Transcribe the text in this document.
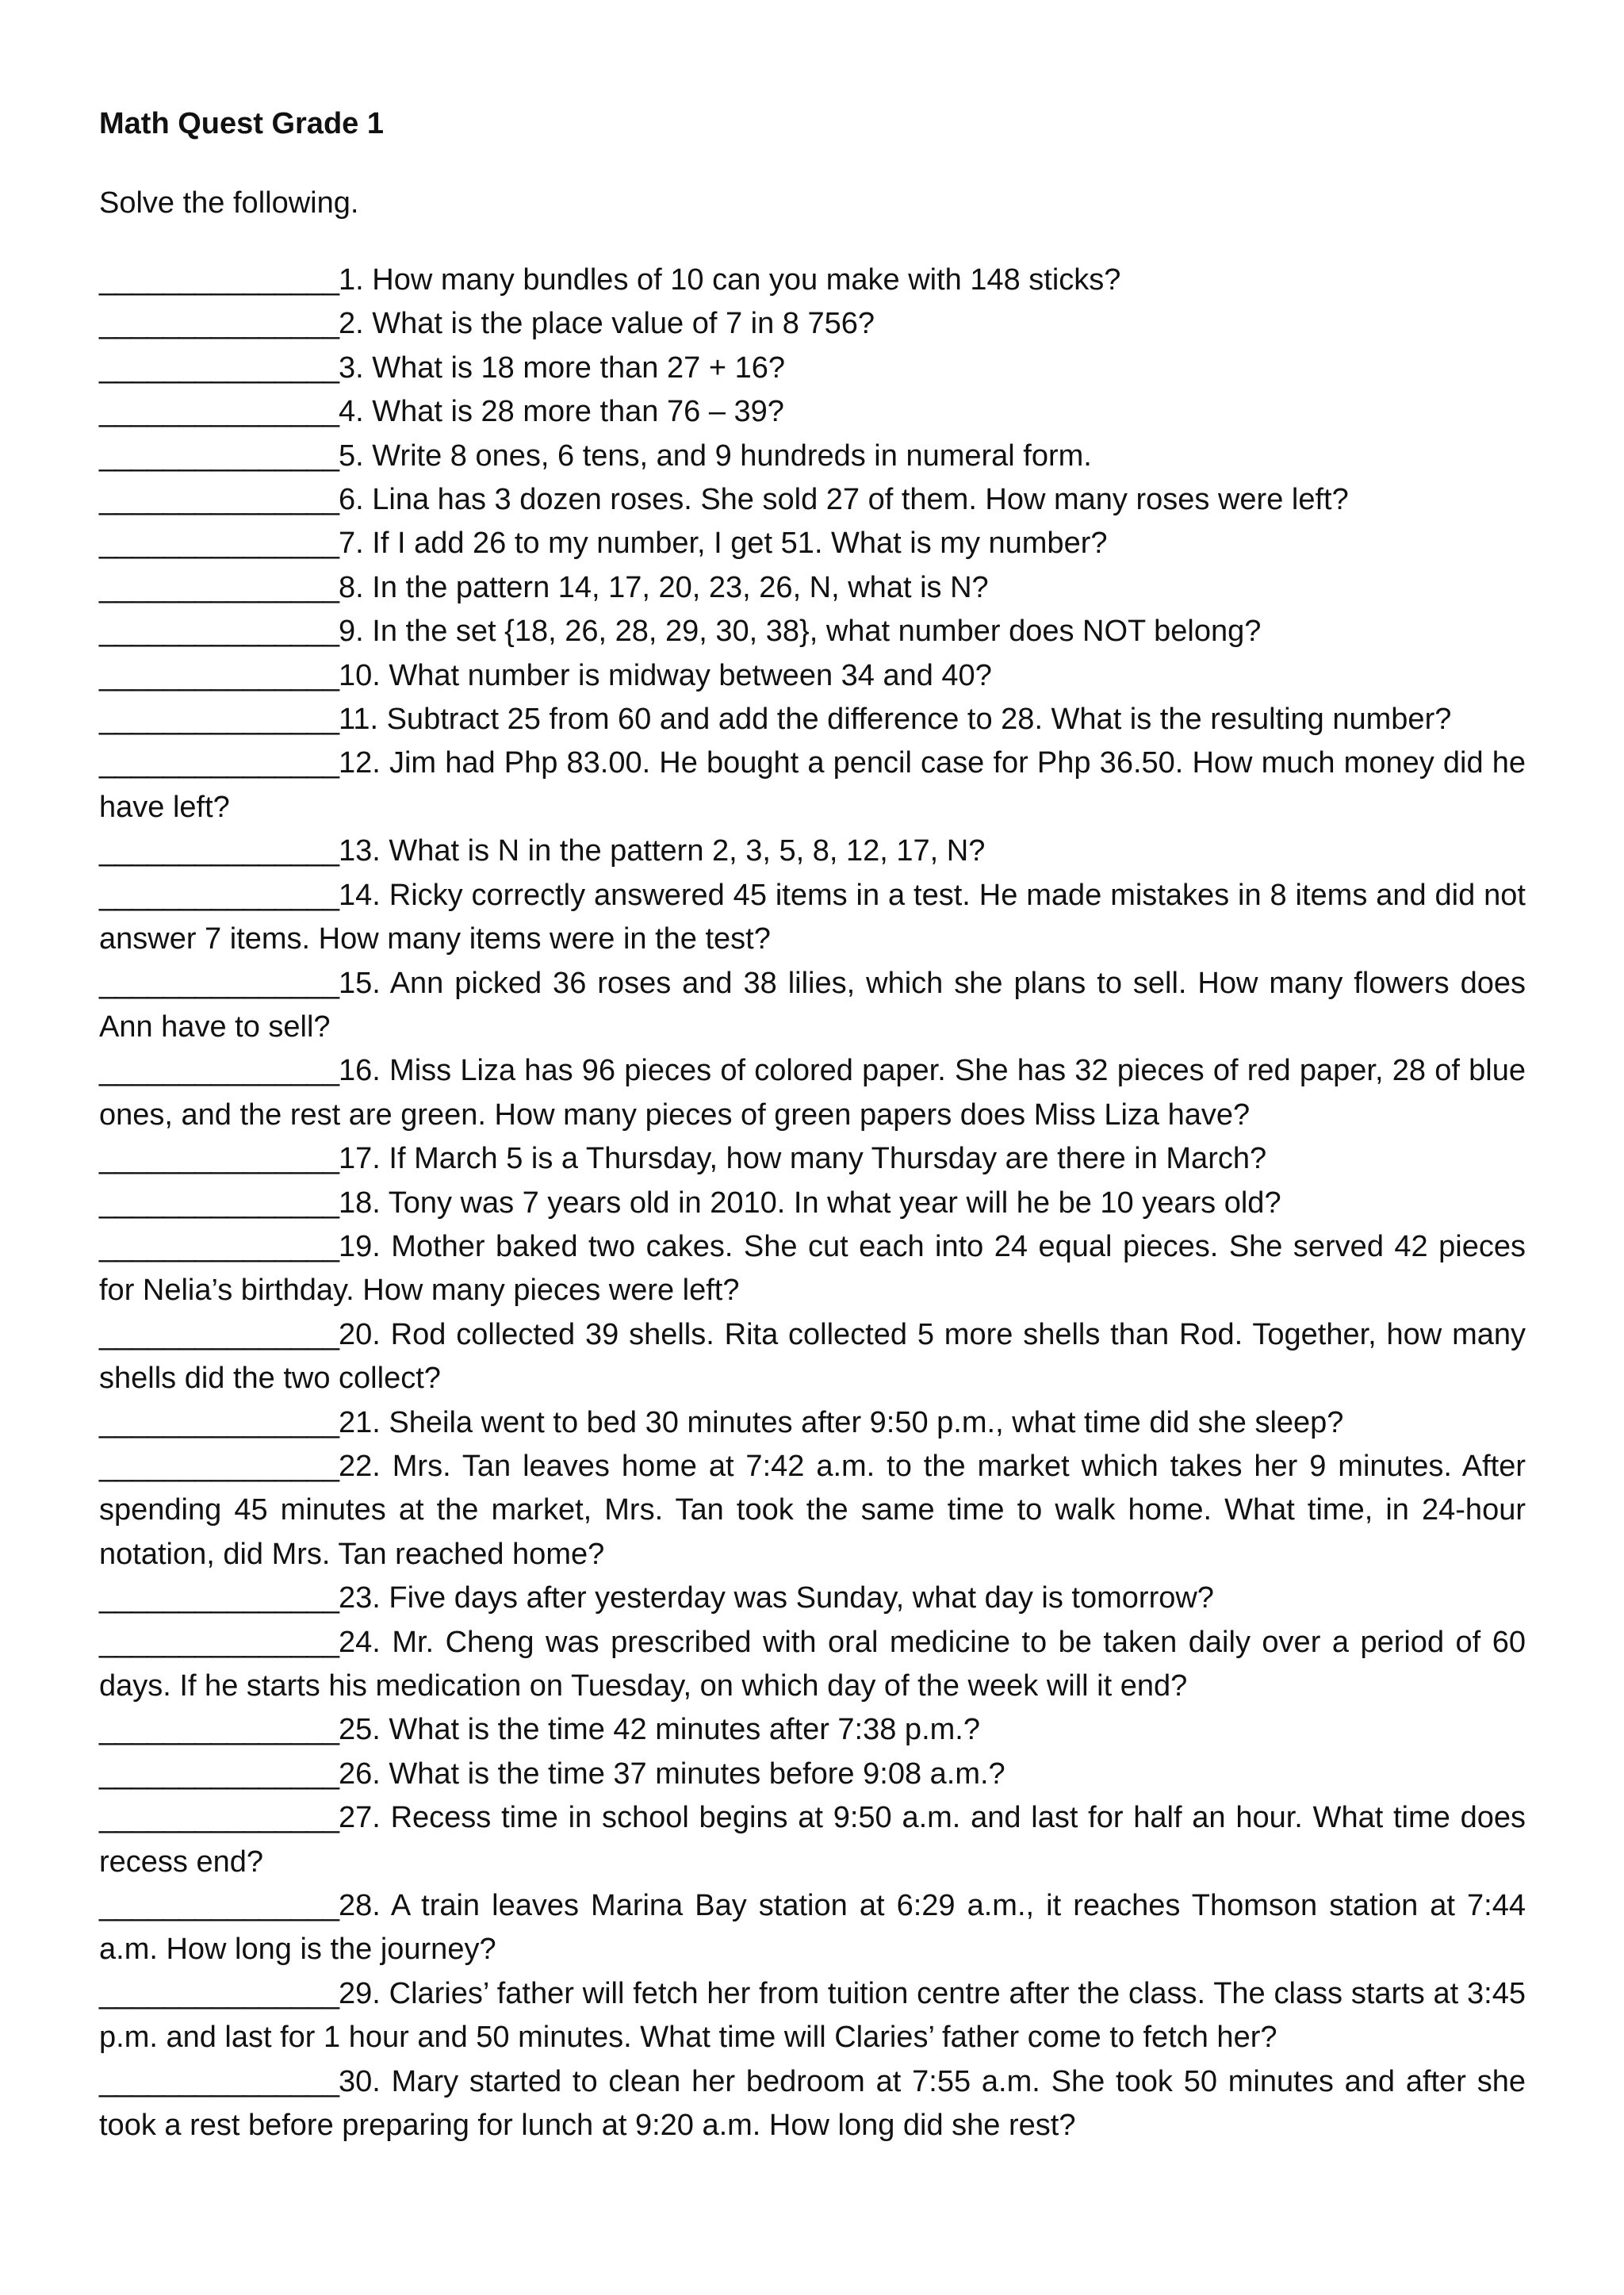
Math Quest Grade 1
Solve the following.
_______________1. How many bundles of 10 can you make with 148 sticks?
_______________2. What is the place value of 7 in 8 756?
_______________3. What is 18 more than 27 + 16?
_______________4. What is 28 more than 76 – 39?
_______________5. Write 8 ones, 6 tens, and 9 hundreds in numeral form.
_______________6. Lina has 3 dozen roses. She sold 27 of them. How many roses were left?
_______________7. If I add 26 to my number, I get 51. What is my number?
_______________8. In the pattern 14, 17, 20, 23, 26, N, what is N?
_______________9. In the set {18, 26, 28, 29, 30, 38}, what number does NOT belong?
_______________10. What number is midway between 34 and 40?
_______________11. Subtract 25 from 60 and add the difference to 28. What is the resulting number?
_______________12. Jim had Php 83.00. He bought a pencil case for Php 36.50. How much money did he have left?
_______________13. What is N in the pattern 2, 3, 5, 8, 12, 17, N?
_______________14. Ricky correctly answered 45 items in a test. He made mistakes in 8 items and did not answer 7 items. How many items were in the test?
_______________15. Ann picked 36 roses and 38 lilies, which she plans to sell. How many flowers does Ann have to sell?
_______________16. Miss Liza has 96 pieces of colored paper. She has 32 pieces of red paper, 28 of blue ones, and the rest are green. How many pieces of green papers does Miss Liza have?
_______________17. If March 5 is a Thursday, how many Thursday are there in March?
_______________18. Tony was 7 years old in 2010. In what year will he be 10 years old?
_______________19. Mother baked two cakes. She cut each into 24 equal pieces. She served 42 pieces for Nelia’s birthday. How many pieces were left?
_______________20. Rod collected 39 shells. Rita collected 5 more shells than Rod. Together, how many shells did the two collect?
_______________21. Sheila went to bed 30 minutes after 9:50 p.m., what time did she sleep?
_______________22. Mrs. Tan leaves home at 7:42 a.m. to the market which takes her 9 minutes. After spending 45 minutes at the market, Mrs. Tan took the same time to walk home. What time, in 24-hour notation, did Mrs. Tan reached home?
_______________23. Five days after yesterday was Sunday, what day is tomorrow?
_______________24. Mr. Cheng was prescribed with oral medicine to be taken daily over a period of 60 days. If he starts his medication on Tuesday, on which day of the week will it end?
_______________25. What is the time 42 minutes after 7:38 p.m.?
_______________26. What is the time 37 minutes before 9:08 a.m.?
_______________27. Recess time in school begins at 9:50 a.m. and last for half an hour. What time does recess end?
_______________28. A train leaves Marina Bay station at 6:29 a.m., it reaches Thomson station at 7:44 a.m. How long is the journey?
_______________29. Claries’ father will fetch her from tuition centre after the class. The class starts at 3:45 p.m. and last for 1 hour and 50 minutes. What time will Claries’ father come to fetch her?
_______________30. Mary started to clean her bedroom at 7:55 a.m. She took 50 minutes and after she took a rest before preparing for lunch at 9:20 a.m. How long did she rest?
